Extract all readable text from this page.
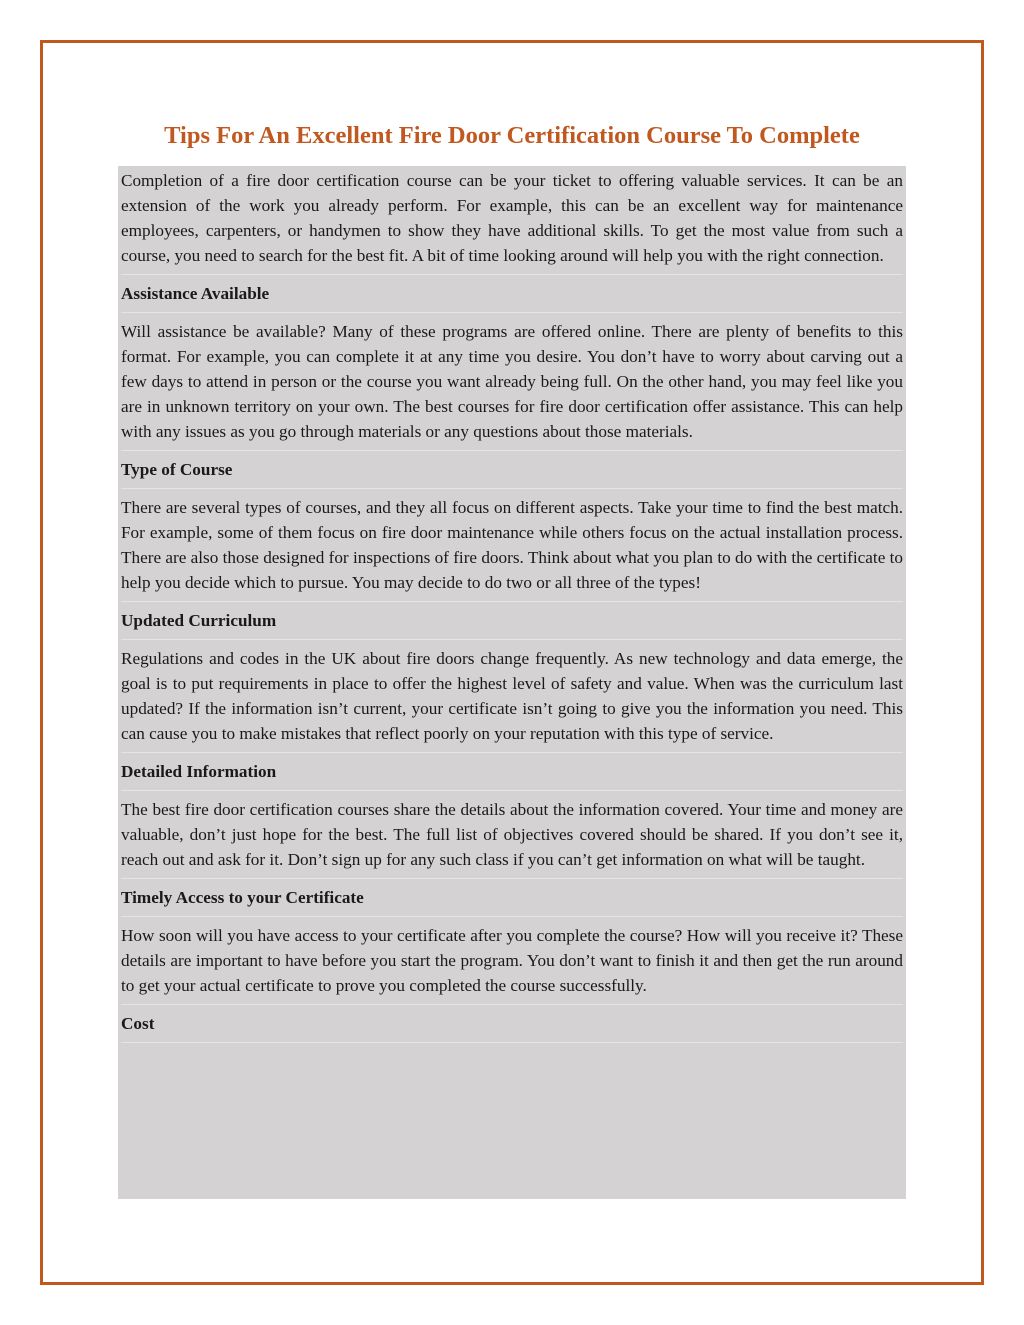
Tips For An Excellent Fire Door Certification Course To Complete

Completion of a fire door certification course can be your ticket to offering valuable services. It can be an extension of the work you already perform. For example, this can be an excellent way for maintenance employees, carpenters, or handymen to show they have additional skills. To get the most value from such a course, you need to search for the best fit. A bit of time looking around will help you with the right connection.

Assistance Available

Will assistance be available? Many of these programs are offered online. There are plenty of benefits to this format. For example, you can complete it at any time you desire. You don’t have to worry about carving out a few days to attend in person or the course you want already being full. On the other hand, you may feel like you are in unknown territory on your own. The best courses for fire door certification offer assistance. This can help with any issues as you go through materials or any questions about those materials.

Type of Course

There are several types of courses, and they all focus on different aspects. Take your time to find the best match. For example, some of them focus on fire door maintenance while others focus on the actual installation process. There are also those designed for inspections of fire doors. Think about what you plan to do with the certificate to help you decide which to pursue. You may decide to do two or all three of the types!

Updated Curriculum

Regulations and codes in the UK about fire doors change frequently. As new technology and data emerge, the goal is to put requirements in place to offer the highest level of safety and value. When was the curriculum last updated? If the information isn’t current, your certificate isn’t going to give you the information you need. This can cause you to make mistakes that reflect poorly on your reputation with this type of service.

Detailed Information

The best fire door certification courses share the details about the information covered. Your time and money are valuable, don’t just hope for the best. The full list of objectives covered should be shared. If you don’t see it, reach out and ask for it. Don’t sign up for any such class if you can’t get information on what will be taught.

Timely Access to your Certificate

How soon will you have access to your certificate after you complete the course? How will you receive it? These details are important to have before you start the program. You don’t want to finish it and then get the run around to get your actual certificate to prove you completed the course successfully.

Cost
